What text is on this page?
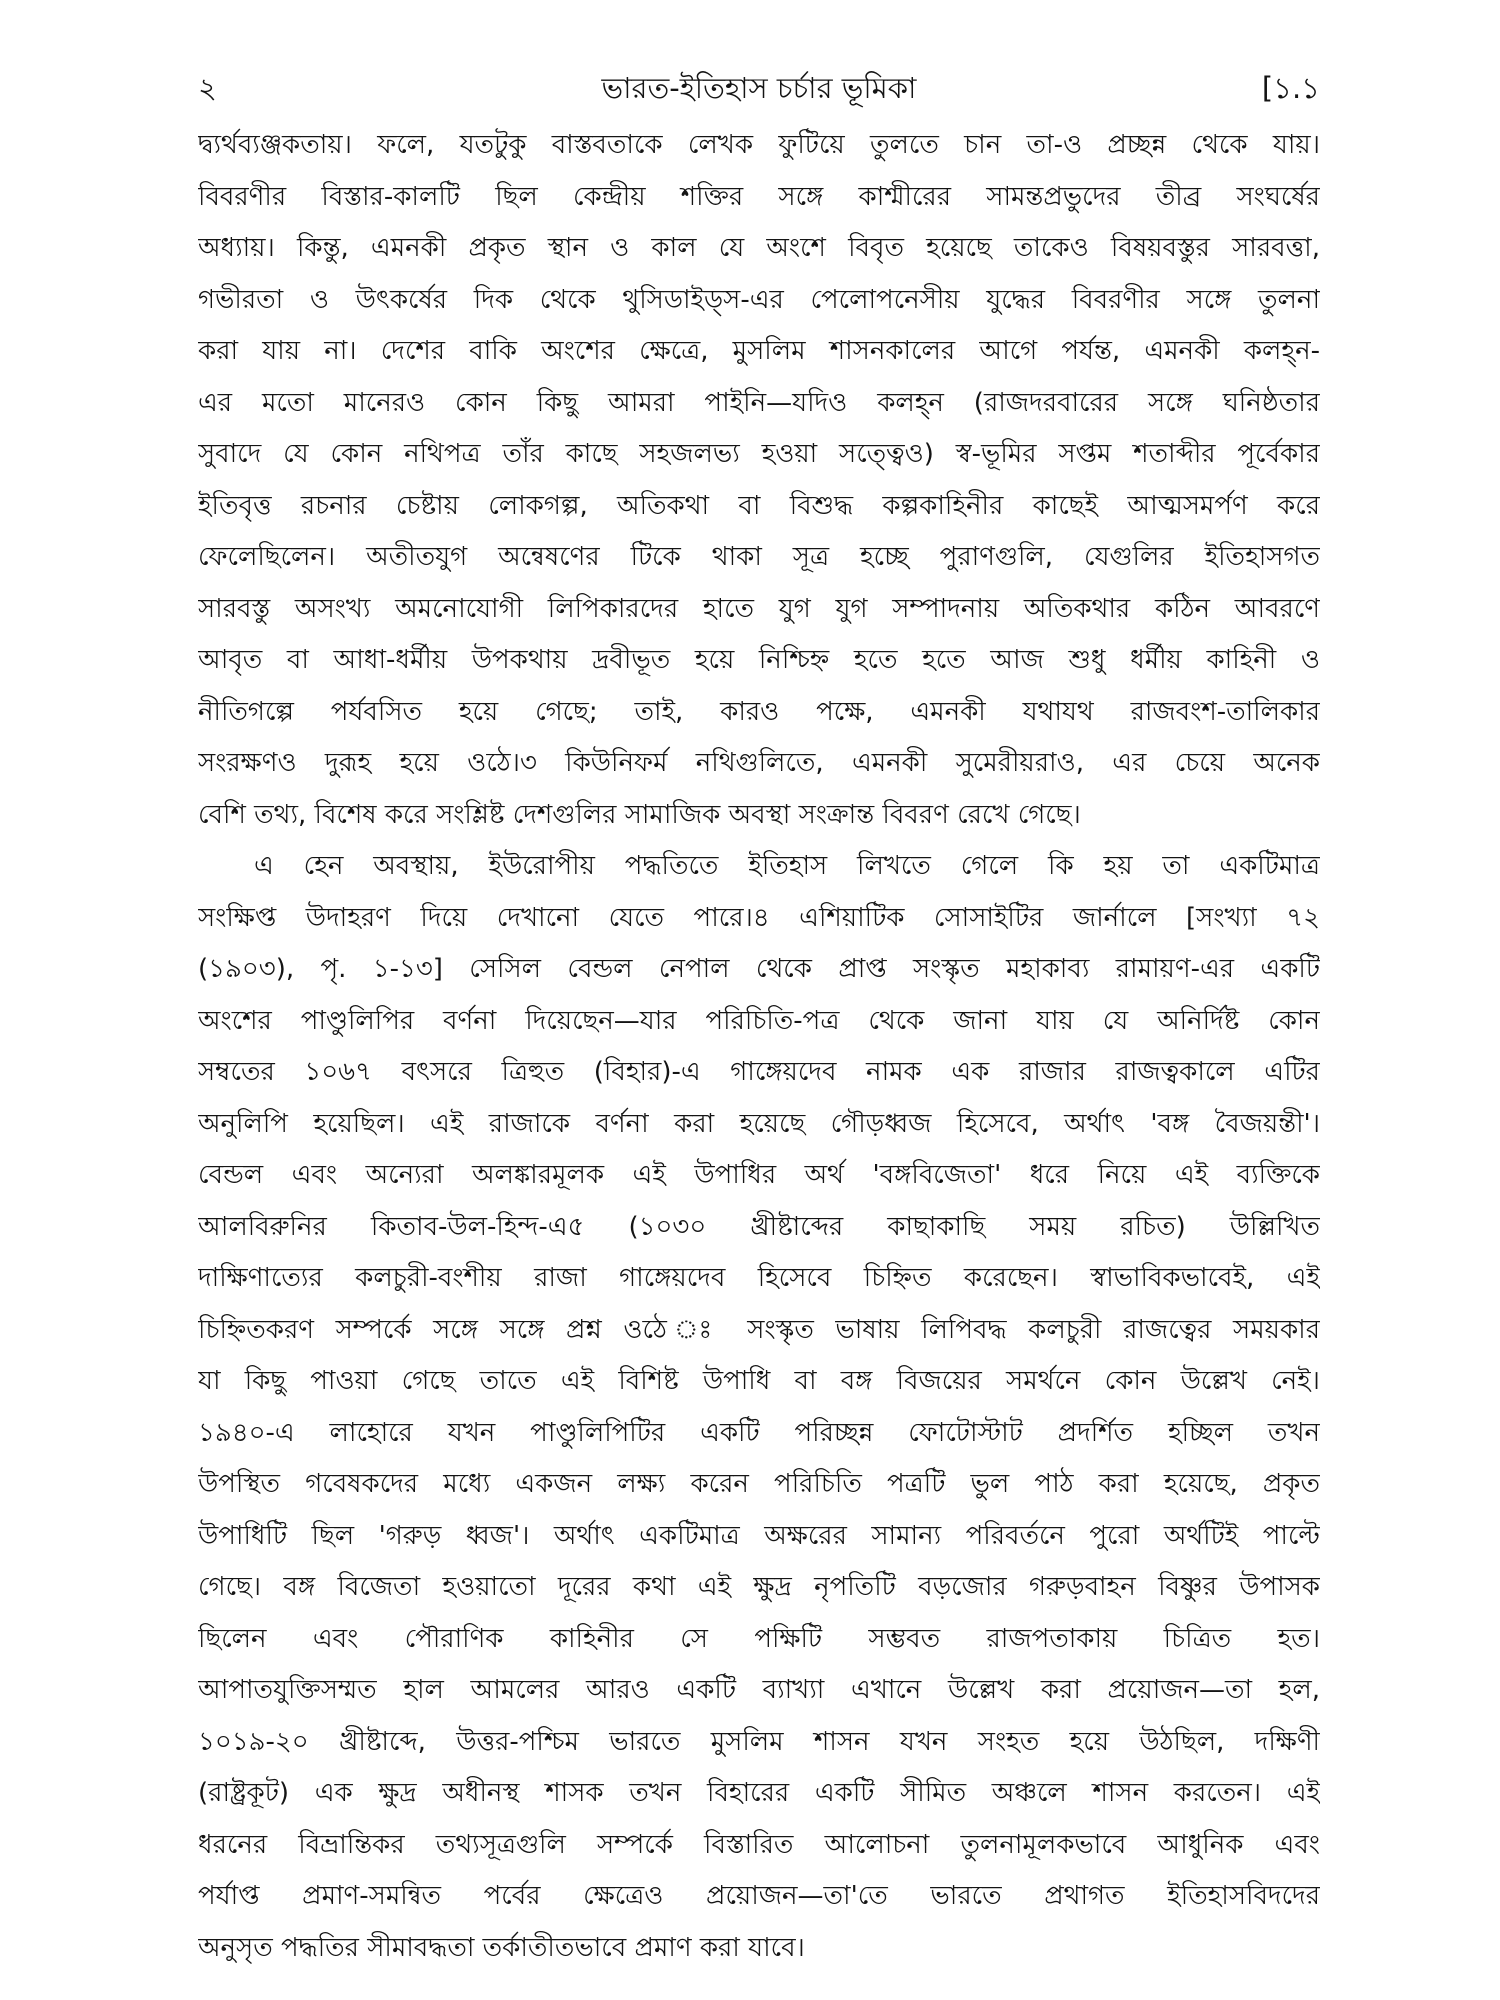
২	ভারত-ইতিহাস চর্চার ভূমিকা	[১.১
দ্ব্যর্থব্যঞ্জকতায়। ফলে, যতটুকু বাস্তবতাকে লেখক ফুটিয়ে তুলতে চান তা-ও প্রচ্ছন্ন থেকে যায়।
বিবরণীর বিস্তার-কালটি ছিল কেন্দ্রীয় শক্তির সঙ্গে কাশ্মীরের সামন্তপ্রভুদের তীব্র সংঘর্ষের
অধ্যায়। কিন্তু, এমনকী প্রকৃত স্থান ও কাল যে অংশে বিবৃত হয়েছে তাকেও বিষয়বস্তুর সারবত্তা,
গভীরতা ও উৎকর্ষের দিক থেকে থুসিডাইড্‌স-এর পেলোপনেসীয় যুদ্ধের বিবরণীর সঙ্গে তুলনা
করা যায় না। দেশের বাকি অংশের ক্ষেত্রে, মুসলিম শাসনকালের আগে পর্যন্ত, এমনকী কলহ্‌ন-
এর মতো মানেরও কোন কিছু আমরা পাইনি—যদিও কলহ্‌ন (রাজদরবারের সঙ্গে ঘনিষ্ঠতার
সুবাদে যে কোন নথিপত্র তাঁর কাছে সহজলভ্য হওয়া সত্ত্বেও) স্ব-ভূমির সপ্তম শতাব্দীর পূর্বেকার
ইতিবৃত্ত রচনার চেষ্টায় লোকগল্প, অতিকথা বা বিশুদ্ধ কল্পকাহিনীর কাছেই আত্মসমর্পণ করে
ফেলেছিলেন। অতীতযুগ অন্বেষণের টিকে থাকা সূত্র হচ্ছে পুরাণগুলি, যেগুলির ইতিহাসগত
সারবস্তু অসংখ্য অমনোযোগী লিপিকারদের হাতে যুগ যুগ সম্পাদনায় অতিকথার কঠিন আবরণে
আবৃত বা আধা-ধর্মীয় উপকথায় দ্রবীভূত হয়ে নিশ্চিহ্ন হতে হতে আজ শুধু ধর্মীয় কাহিনী ও
নীতিগল্পে পর্যবসিত হয়ে গেছে; তাই, কারও পক্ষে, এমনকী যথাযথ রাজবংশ-তালিকার
সংরক্ষণও দুরূহ হয়ে ওঠে।৩ কিউনিফর্ম নথিগুলিতে, এমনকী সুমেরীয়রাও, এর চেয়ে অনেক
বেশি তথ্য, বিশেষ করে সংশ্লিষ্ট দেশগুলির সামাজিক অবস্থা সংক্রান্ত বিবরণ রেখে গেছে।
এ হেন অবস্থায়, ইউরোপীয় পদ্ধতিতে ইতিহাস লিখতে গেলে কি হয় তা একটিমাত্র
সংক্ষিপ্ত উদাহরণ দিয়ে দেখানো যেতে পারে।৪ এশিয়াটিক সোসাইটির জার্নালে [সংখ্যা ৭২
(১৯০৩), পৃ. ১-১৩] সেসিল বেন্ডল নেপাল থেকে প্রাপ্ত সংস্কৃত মহাকাব্য রামায়ণ-এর একটি
অংশের পাণ্ডুলিপির বর্ণনা দিয়েছেন—যার পরিচিতি-পত্র থেকে জানা যায় যে অনির্দিষ্ট কোন
সম্বতের ১০৬৭ বৎসরে ত্রিহুত (বিহার)-এ গাঙ্গেয়দেব নামক এক রাজার রাজত্বকালে এটির
অনুলিপি হয়েছিল। এই রাজাকে বর্ণনা করা হয়েছে গৌড়ধ্বজ হিসেবে, অর্থাৎ 'বঙ্গ বৈজয়ন্তী'।
বেন্ডল এবং অন্যেরা অলঙ্কারমূলক এই উপাধির অর্থ 'বঙ্গবিজেতা' ধরে নিয়ে এই ব্যক্তিকে
আলবিরুনির কিতাব-উল-হিন্দ-এ৫ (১০৩০ খ্রীষ্টাব্দের কাছাকাছি সময় রচিত) উল্লিখিত
দাক্ষিণাত্যের কলচুরী-বংশীয় রাজা গাঙ্গেয়দেব হিসেবে চিহ্নিত করেছেন। স্বাভাবিকভাবেই, এই
চিহ্নিতকরণ সম্পর্কে সঙ্গে সঙ্গে প্রশ্ন ওঠে ঃ সংস্কৃত ভাষায় লিপিবদ্ধ কলচুরী রাজত্বের সময়কার
যা কিছু পাওয়া গেছে তাতে এই বিশিষ্ট উপাধি বা বঙ্গ বিজয়ের সমর্থনে কোন উল্লেখ নেই।
১৯৪০-এ লাহোরে যখন পাণ্ডুলিপিটির একটি পরিচ্ছন্ন ফোটোস্টাট প্রদর্শিত হচ্ছিল তখন
উপস্থিত গবেষকদের মধ্যে একজন লক্ষ্য করেন পরিচিতি পত্রটি ভুল পাঠ করা হয়েছে, প্রকৃত
উপাধিটি ছিল 'গরুড় ধ্বজ'। অর্থাৎ একটিমাত্র অক্ষরের সামান্য পরিবর্তনে পুরো অর্থটিই পাল্টে
গেছে। বঙ্গ বিজেতা হওয়াতো দূরের কথা এই ক্ষুদ্র নৃপতিটি বড়জোর গরুড়বাহন বিষ্ণুর উপাসক
ছিলেন এবং পৌরাণিক কাহিনীর সে পক্ষিটি সম্ভবত রাজপতাকায় চিত্রিত হত।
আপাতযুক্তিসম্মত হাল আমলের আরও একটি ব্যাখ্যা এখানে উল্লেখ করা প্রয়োজন—তা হল,
১০১৯-২০ খ্রীষ্টাব্দে, উত্তর-পশ্চিম ভারতে মুসলিম শাসন যখন সংহত হয়ে উঠছিল, দক্ষিণী
(রাষ্ট্রকূট) এক ক্ষুদ্র অধীনস্থ শাসক তখন বিহারের একটি সীমিত অঞ্চলে শাসন করতেন। এই
ধরনের বিভ্রান্তিকর তথ্যসূত্রগুলি সম্পর্কে বিস্তারিত আলোচনা তুলনামূলকভাবে আধুনিক এবং
পর্যাপ্ত প্রমাণ-সমন্বিত পর্বের ক্ষেত্রেও প্রয়োজন—তা'তে ভারতে প্রথাগত ইতিহাসবিদদের
অনুসৃত পদ্ধতির সীমাবদ্ধতা তর্কাতীতভাবে প্রমাণ করা যাবে।
